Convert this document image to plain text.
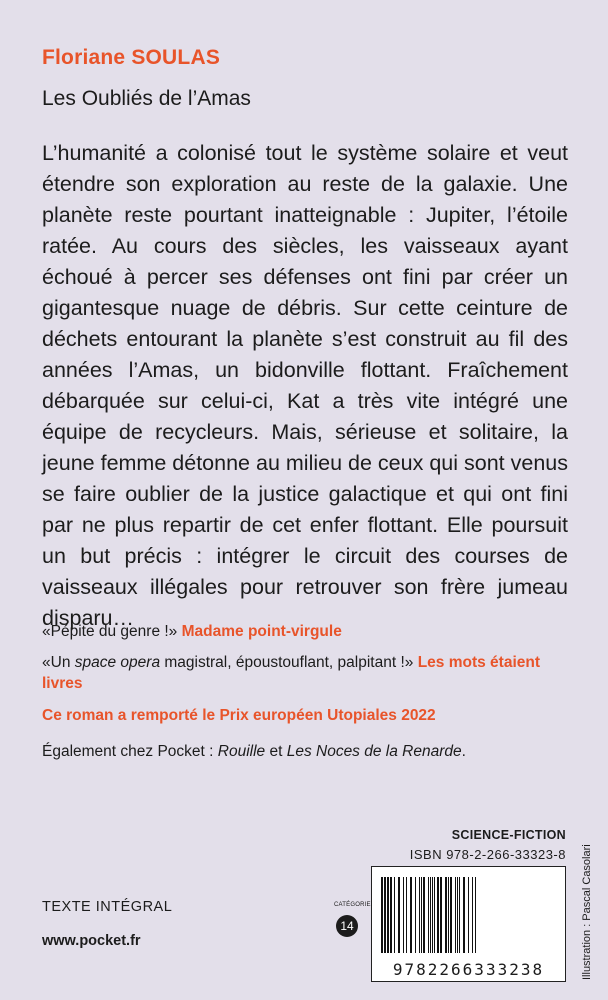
Floriane SOULAS
Les Oubliés de l’Amas
L’humanité a colonisé tout le système solaire et veut étendre son exploration au reste de la galaxie. Une planète reste pourtant inatteignable : Jupiter, l’étoile ratée. Au cours des siècles, les vaisseaux ayant échoué à percer ses défenses ont fini par créer un gigantesque nuage de débris. Sur cette ceinture de déchets entourant la planète s’est construit au fil des années l’Amas, un bidonville flottant. Fraîchement débarquée sur celui-ci, Kat a très vite intégré une équipe de recycleurs. Mais, sérieuse et solitaire, la jeune femme détonne au milieu de ceux qui sont venus se faire oublier de la justice galactique et qui ont fini par ne plus repartir de cet enfer flottant. Elle poursuit un but précis : intégrer le circuit des courses de vaisseaux illégales pour retrouver son frère jumeau disparu…
«Pépite du genre !» Madame point-virgule
«Un space opera magistral, époustouflant, palpitant !» Les mots étaient livres
Ce roman a remporté le Prix européen Utopiales 2022
Également chez Pocket : Rouille et Les Noces de la Renarde.
Illustration : Pascal Casolari
SCIENCE-FICTION
ISBN 978-2-266-33323-8
9782266333238
TEXTE INTÉGRAL
www.pocket.fr
CATÉGORIE
14
